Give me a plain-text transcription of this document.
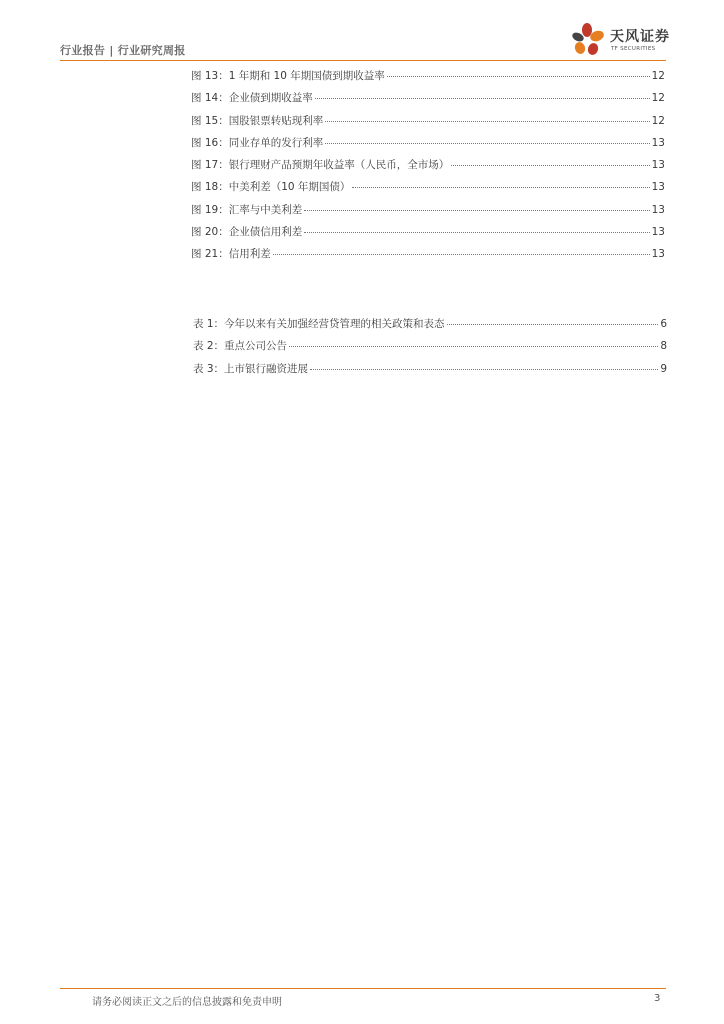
行业报告 | 行业研究周报
天风证券
TF SECURITIES
图 13： 1 年期和 10 年期国债到期收益率	12
图 14： 企业债到期收益率	12
图 15： 国股银票转贴现利率	12
图 16： 同业存单的发行利率	13
图 17： 银行理财产品预期年收益率（人民币，全市场）	13
图 18： 中美利差（10 年期国债）	13
图 19： 汇率与中美利差	13
图 20： 企业债信用利差	13
图 21： 信用利差	13
表 1： 今年以来有关加强经营贷管理的相关政策和表态	6
表 2： 重点公司公告	8
表 3： 上市银行融资进展	9
请务必阅读正文之后的信息披露和免责申明	3
